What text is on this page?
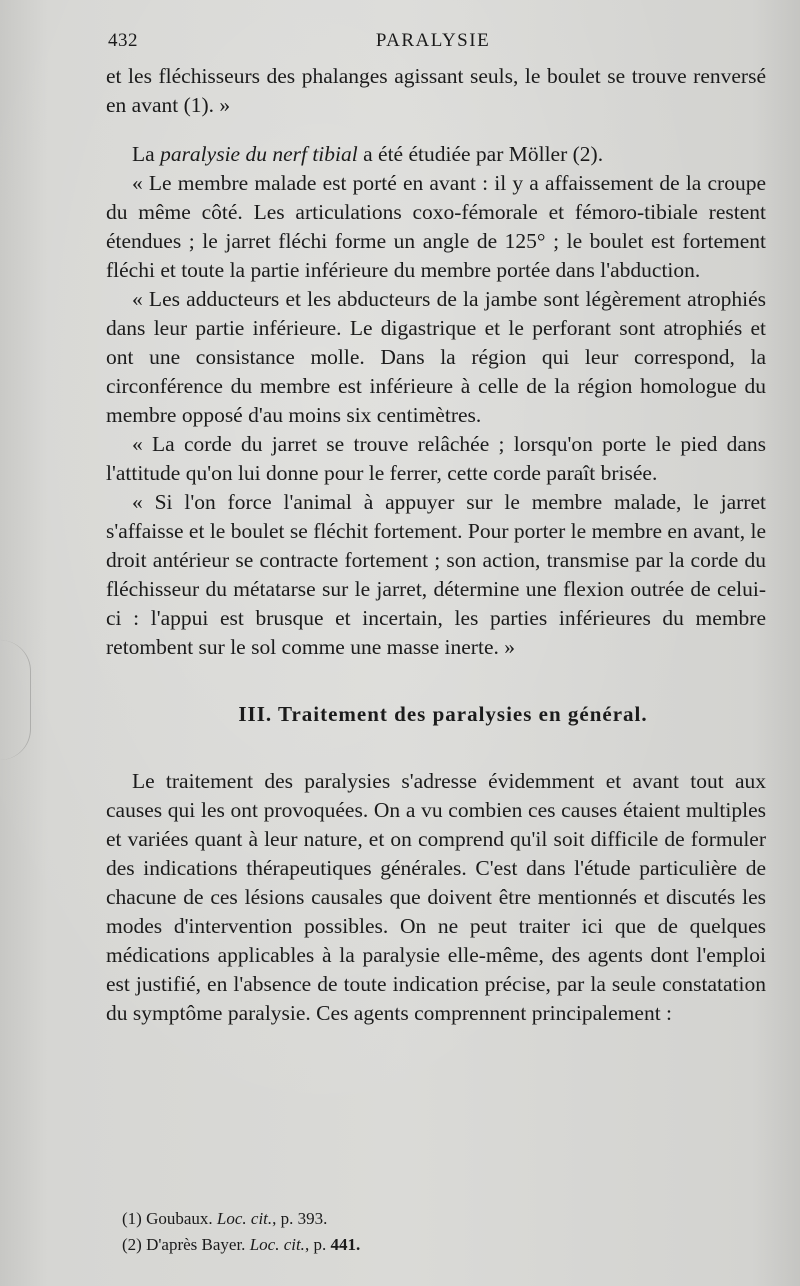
432	PARALYSIE

et les fléchisseurs des phalanges agissant seuls, le boulet se trouve renversé en avant (1). »

La paralysie du nerf tibial a été étudiée par Möller (2).

« Le membre malade est porté en avant : il y a affaissement de la croupe du même côté. Les articulations coxo-fémorale et fémoro-tibiale restent étendues ; le jarret fléchi forme un angle de 125° ; le boulet est fortement fléchi et toute la partie inférieure du membre portée dans l'abduction.

« Les adducteurs et les abducteurs de la jambe sont légèrement atrophiés dans leur partie inférieure. Le digastrique et le perforant sont atrophiés et ont une consistance molle. Dans la région qui leur correspond, la circonférence du membre est inférieure à celle de la région homologue du membre opposé d'au moins six centimètres.

« La corde du jarret se trouve relâchée ; lorsqu'on porte le pied dans l'attitude qu'on lui donne pour le ferrer, cette corde paraît brisée.

« Si l'on force l'animal à appuyer sur le membre malade, le jarret s'affaisse et le boulet se fléchit fortement. Pour porter le membre en avant, le droit antérieur se contracte fortement ; son action, transmise par la corde du fléchisseur du métatarse sur le jarret, détermine une flexion outrée de celui-ci : l'appui est brusque et incertain, les parties inférieures du membre retombent sur le sol comme une masse inerte. »

III. Traitement des paralysies en général.

Le traitement des paralysies s'adresse évidemment et avant tout aux causes qui les ont provoquées. On a vu combien ces causes étaient multiples et variées quant à leur nature, et on comprend qu'il soit difficile de formuler des indications thérapeutiques générales. C'est dans l'étude particulière de chacune de ces lésions causales que doivent être mentionnés et discutés les modes d'intervention possibles. On ne peut traiter ici que de quelques médications applicables à la paralysie elle-même, des agents dont l'emploi est justifié, en l'absence de toute indication précise, par la seule constatation du symptôme paralysie. Ces agents comprennent principalement :

(1) Goubaux. Loc. cit., p. 393.

(2) D'après Bayer. Loc. cit., p. 441.
